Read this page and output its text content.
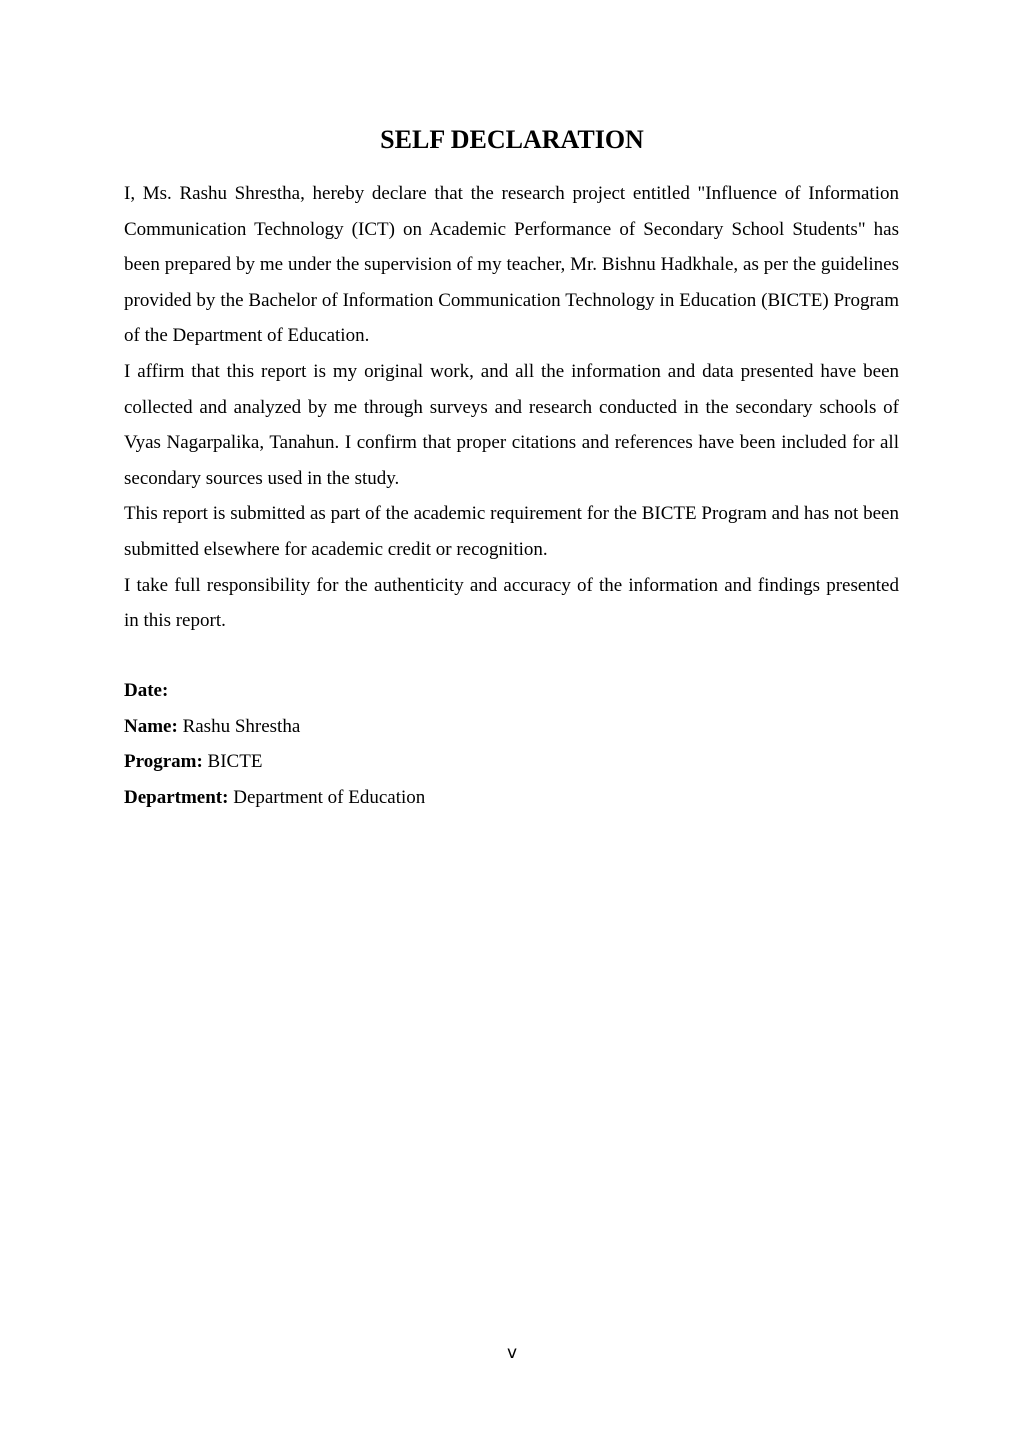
SELF DECLARATION

I, Ms. Rashu Shrestha, hereby declare that the research project entitled "Influence of Information Communication Technology (ICT) on Academic Performance of Secondary School Students" has been prepared by me under the supervision of my teacher, Mr. Bishnu Hadkhale, as per the guidelines provided by the Bachelor of Information Communication Technology in Education (BICTE) Program of the Department of Education.

I affirm that this report is my original work, and all the information and data presented have been collected and analyzed by me through surveys and research conducted in the secondary schools of Vyas Nagarpalika, Tanahun. I confirm that proper citations and references have been included for all secondary sources used in the study.

This report is submitted as part of the academic requirement for the BICTE Program and has not been submitted elsewhere for academic credit or recognition.

I take full responsibility for the authenticity and accuracy of the information and findings presented in this report.

Date:

Name: Rashu Shrestha

Program: BICTE

Department: Department of Education

v
